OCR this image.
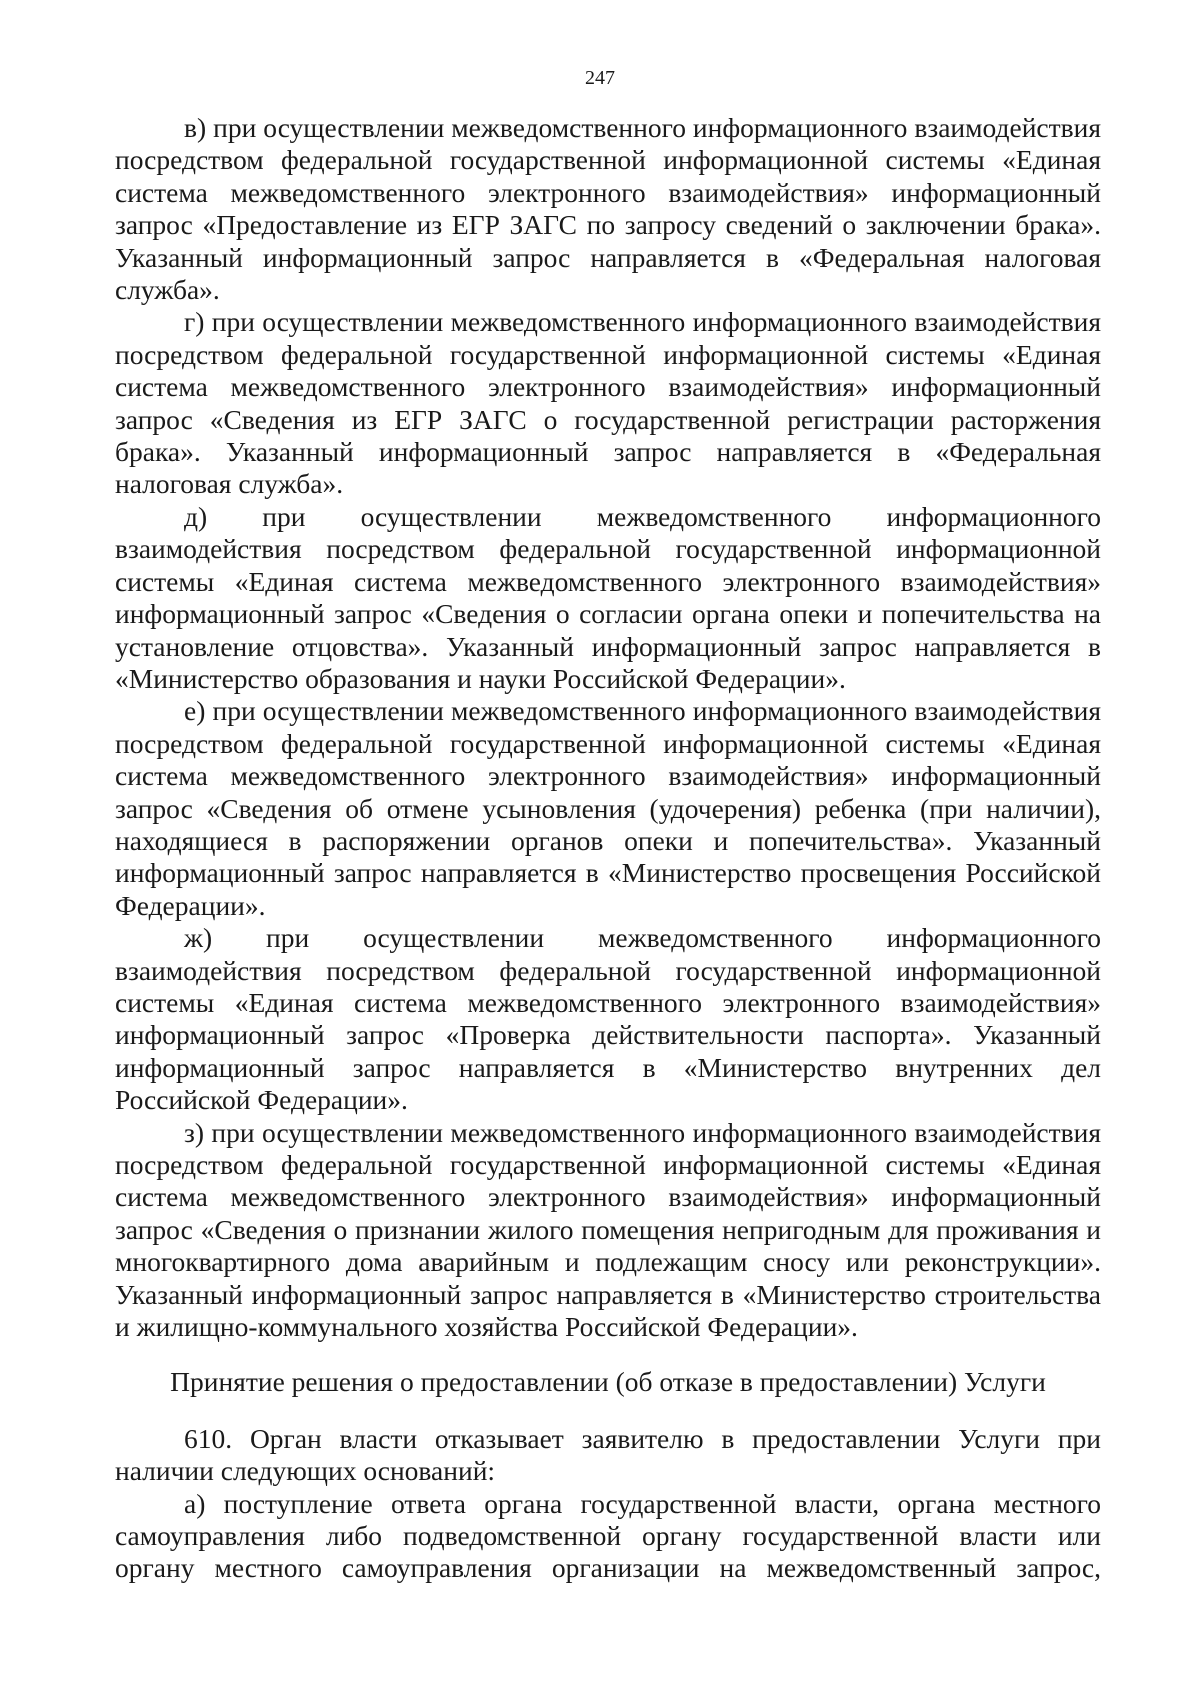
247

в) при осуществлении межведомственного информационного взаимодействия посредством федеральной государственной информационной системы «Единая система межведомственного электронного взаимодействия» информационный запрос «Предоставление из ЕГР ЗАГС по запросу сведений о заключении брака». Указанный информационный запрос направляется в «Федеральная налоговая служба».

г) при осуществлении межведомственного информационного взаимодействия посредством федеральной государственной информационной системы «Единая система межведомственного электронного взаимодействия» информационный запрос «Сведения из ЕГР ЗАГС о государственной регистрации расторжения брака». Указанный информационный запрос направляется в «Федеральная налоговая служба».

д) при осуществлении межведомственного информационного взаимодействия посредством федеральной государственной информационной системы «Единая система межведомственного электронного взаимодействия» информационный запрос «Сведения о согласии органа опеки и попечительства на установление отцовства». Указанный информационный запрос направляется в «Министерство образования и науки Российской Федерации».

е) при осуществлении межведомственного информационного взаимодействия посредством федеральной государственной информационной системы «Единая система межведомственного электронного взаимодействия» информационный запрос «Сведения об отмене усыновления (удочерения) ребенка (при наличии), находящиеся в распоряжении органов опеки и попечительства». Указанный информационный запрос направляется в «Министерство просвещения Российской Федерации».

ж) при осуществлении межведомственного информационного взаимодействия посредством федеральной государственной информационной системы «Единая система межведомственного электронного взаимодействия» информационный запрос «Проверка действительности паспорта». Указанный информационный запрос направляется в «Министерство внутренних дел Российской Федерации».

з) при осуществлении межведомственного информационного взаимодействия посредством федеральной государственной информационной системы «Единая система межведомственного электронного взаимодействия» информационный запрос «Сведения о признании жилого помещения непригодным для проживания и многоквартирного дома аварийным и подлежащим сносу или реконструкции». Указанный информационный запрос направляется в «Министерство строительства и жилищно-коммунального хозяйства Российской Федерации».

Принятие решения о предоставлении (об отказе в предоставлении) Услуги

610. Орган власти отказывает заявителю в предоставлении Услуги при наличии следующих оснований:

а) поступление ответа органа государственной власти, органа местного самоуправления либо подведомственной органу государственной власти или органу местного самоуправления организации на межведомственный запрос,
